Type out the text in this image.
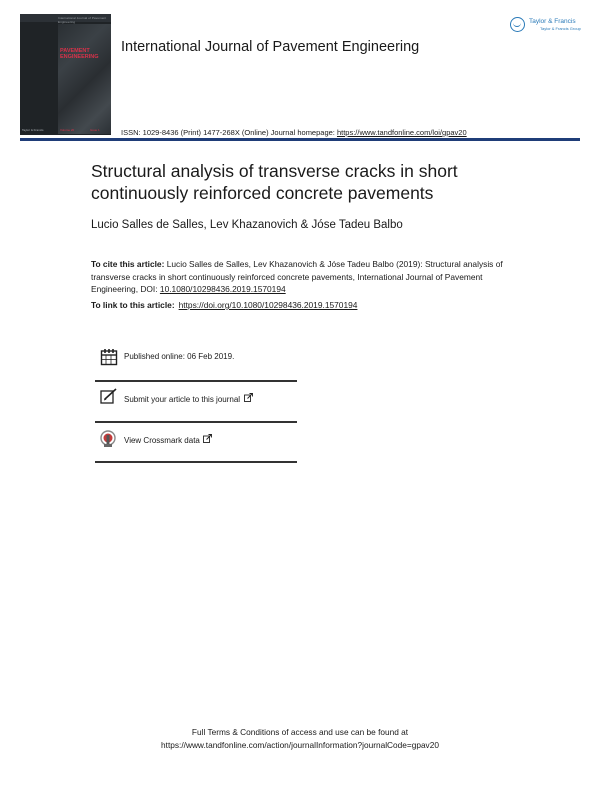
International Journal of Pavement Engineering
PAVEMENT
ENGINEERING
Taylor & Francis	Volume 20	Issue 1
International Journal of Pavement Engineering
Taylor & Francis
Taylor & Francis Group
ISSN: 1029-8436 (Print) 1477-268X (Online) Journal homepage: https://www.tandfonline.com/loi/gpav20
Structural analysis of transverse cracks in short continuously reinforced concrete pavements
Lucio Salles de Salles, Lev Khazanovich & Jóse Tadeu Balbo
To cite this article: Lucio Salles de Salles, Lev Khazanovich & Jóse Tadeu Balbo (2019): Structural analysis of transverse cracks in short continuously reinforced concrete pavements, International Journal of Pavement Engineering, DOI: 10.1080/10298436.2019.1570194
To link to this article: https://doi.org/10.1080/10298436.2019.1570194
Published online: 06 Feb 2019.
Submit your article to this journal
View Crossmark data
Full Terms & Conditions of access and use can be found at
https://www.tandfonline.com/action/journalInformation?journalCode=gpav20
